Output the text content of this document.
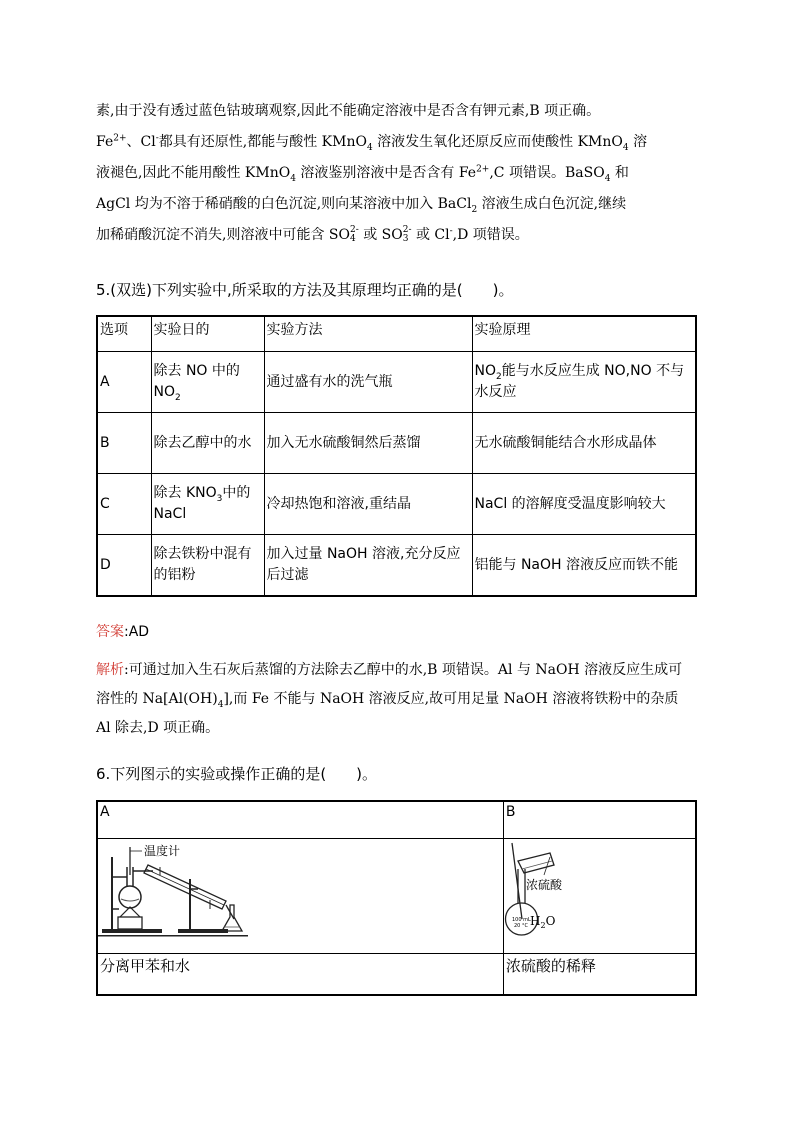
素,由于没有透过蓝色钴玻璃观察,因此不能确定溶液中是否含有钾元素,B 项正确。

$Fe^{2+}$、Cl-都具有还原性,都能与酸性 KMnO$_4$ 溶液发生氧化还原反应而使酸性 KMnO$_4$ 溶

液褪色,因此不能用酸性 KMnO$_4$ 溶液鉴别溶液中是否含有 $Fe^{2+},C$ 项错误。BaSO$_4$ 和

AgCl 均为不溶于稀硝酸的白色沉淀,则向某溶液中加入 BaCl$_2$ 溶液生成白色沉淀,继续

加稀硝酸沉淀不消失,则溶液中可能含 SO 2-
4 或 SO 2-
3 或 Cl-,D 项错误。

5.(双选)下列实验中,所采取的方法及其原理均正确的是(　　)。

选项	实验日的	实验方法	实验原理
A	除去 NO 中的 $NO_2$	通过盛有水的洗气瓶	$NO_2$能与水反应生成 NO,NO 不与水反应
B	除去乙醇中的水	加入无水硫酸铜然后蒸馏	无水硫酸铜能结合水形成晶体
C	除去 $KNO_3$中的 NaCl	冷却热饱和溶液,重结晶	NaCl 的溶解度受温度影响较大
D	除去铁粉中混有的铝粉	加入过量 NaOH 溶液,充分反应后过滤	铝能与 NaOH 溶液反应而铁不能
答案:AD
解析:可通过加入生石灰后蒸馏的方法除去乙醇中的水,B 项错误。Al 与 NaOH 溶液反应生成可溶性的 $Na[Al(OH)_4]$,而 Fe 不能与 NaOH 溶液反应,故可用足量 NaOH 溶液将铁粉中的杂质 Al 除去,D 项正确。

6.下列图示的实验或操作正确的是(　　)。

A	B

温度计	100 mL
20 °C
浓硫酸
$H_2O$

分离甲苯和水	浓硫酸的稀释
